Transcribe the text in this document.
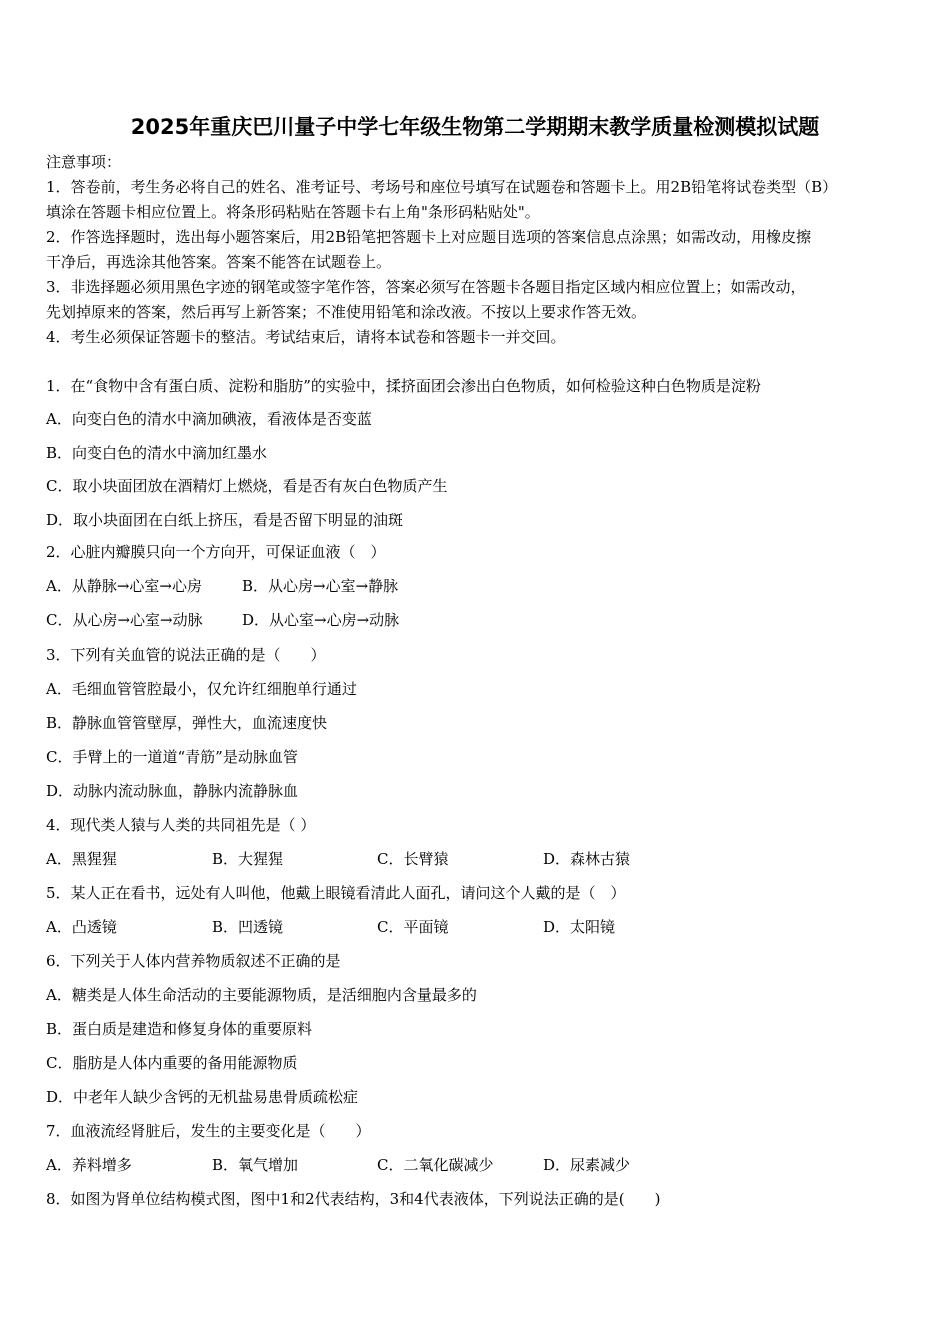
2025年重庆巴川量子中学七年级生物第二学期期末教学质量检测模拟试题
注意事项：
1．答卷前，考生务必将自己的姓名、准考证号、考场号和座位号填写在试题卷和答题卡上。用2B铅笔将试卷类型（B）
填涂在答题卡相应位置上。将条形码粘贴在答题卡右上角"条形码粘贴处"。
2．作答选择题时，选出每小题答案后，用2B铅笔把答题卡上对应题目选项的答案信息点涂黑；如需改动，用橡皮擦
干净后，再选涂其他答案。答案不能答在试题卷上。
3．非选择题必须用黑色字迹的钢笔或签字笔作答，答案必须写在答题卡各题目指定区域内相应位置上；如需改动，
先划掉原来的答案，然后再写上新答案；不准使用铅笔和涂改液。不按以上要求作答无效。
4．考生必须保证答题卡的整洁。考试结束后，请将本试卷和答题卡一并交回。
1．在“食物中含有蛋白质、淀粉和脂肪”的实验中，揉挤面团会渗出白色物质，如何检验这种白色物质是淀粉
A．向变白色的清水中滴加碘液，看液体是否变蓝
B．向变白色的清水中滴加红墨水
C．取小块面团放在酒精灯上燃烧，看是否有灰白色物质产生
D．取小块面团在白纸上挤压，看是否留下明显的油斑
2．心脏内瓣膜只向一个方向开，可保证血液（　）
A．从静脉→心室→心房	B．从心房→心室→静脉
C．从心房→心室→动脉	D．从心室→心房→动脉
3．下列有关血管的说法正确的是（　　）
A．毛细血管管腔最小，仅允许红细胞单行通过
B．静脉血管管壁厚，弹性大，血流速度快
C．手臂上的一道道“青筋”是动脉血管
D．动脉内流动脉血，静脉内流静脉血
4．现代类人猿与人类的共同祖先是（ ）
A．黑猩猩	B．大猩猩	C．长臂猿	D．森林古猿
5．某人正在看书，远处有人叫他，他戴上眼镜看清此人面孔，请问这个人戴的是（　）
A．凸透镜	B．凹透镜	C．平面镜	D．太阳镜
6．下列关于人体内营养物质叙述不正确的是
A．糖类是人体生命活动的主要能源物质，是活细胞内含量最多的
B．蛋白质是建造和修复身体的重要原料
C．脂肪是人体内重要的备用能源物质
D．中老年人缺少含钙的无机盐易患骨质疏松症
7．血液流经肾脏后，发生的主要变化是（　　）
A．养料增多	B．氧气增加	C．二氧化碳减少	D．尿素减少
8．如图为肾单位结构模式图，图中1和2代表结构，3和4代表液体，下列说法正确的是(　　)
